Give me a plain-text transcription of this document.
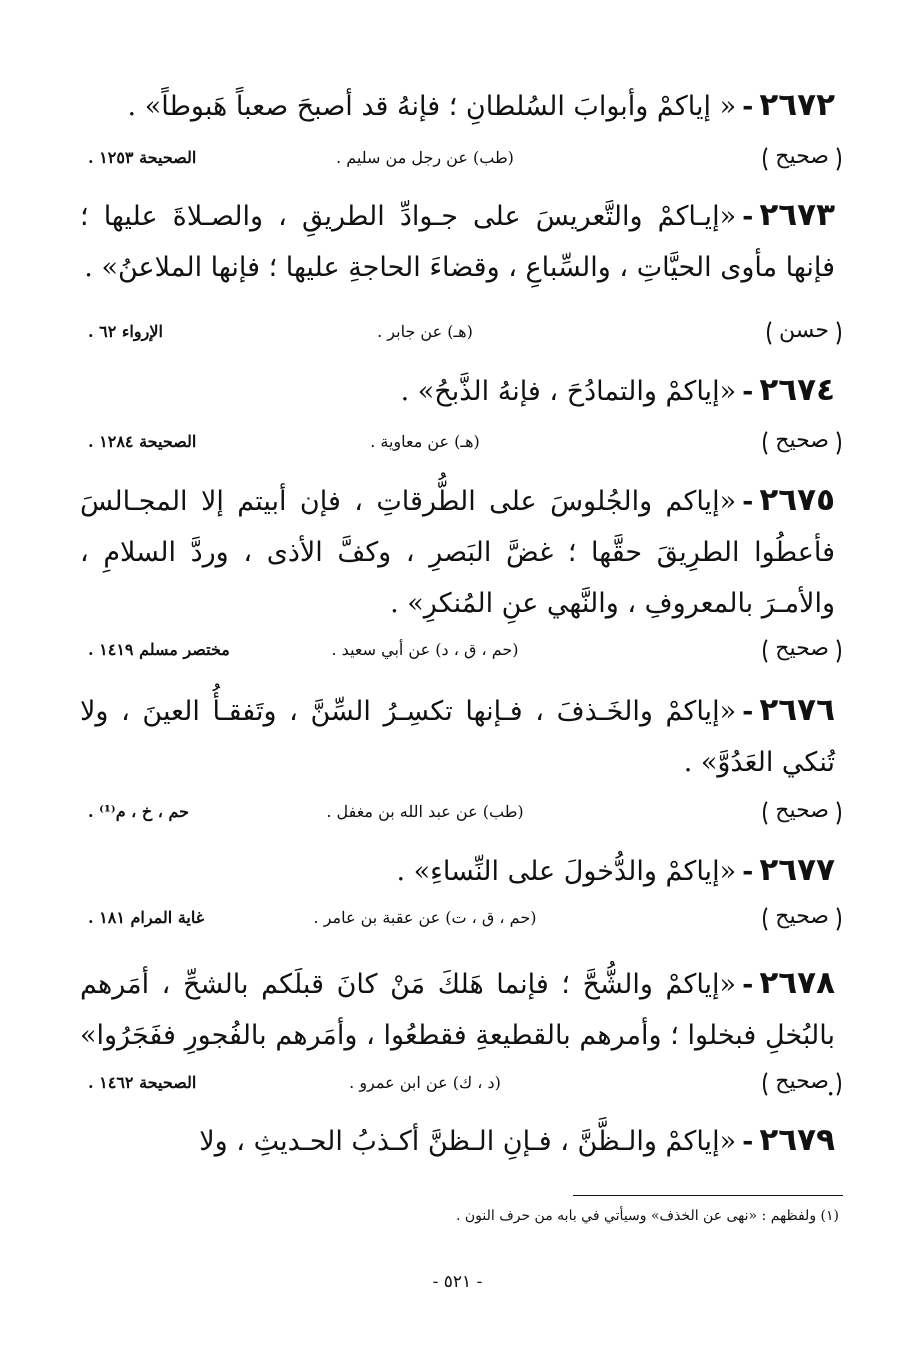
٢٦٧٢-« إياكمْ وأبوابَ السُلطانِ ؛ فإنهُ قد أصبحَ صعباً هَبوطاً» .
صحيح
(طب) عن رجل من سليم .
الصحيحة ١٢٥٣ .
٢٦٧٣-«إيـاكمْ والتَّعريسَ على جـوادِّ الطريقِ ، والصـلاةَ عليها ؛ فإنها مأوى الحيَّاتِ ، والسِّباعِ ، وقضاءَ الحاجةِ عليها ؛ فإنها الملاعنُ» .
حسن
(هـ) عن جابر .
الإرواء ٦٢ .
٢٦٧٤-«إياكمْ والتمادُحَ ، فإنهُ الذَّبحُ» .
صحيح
(هـ) عن معاوية .
الصحيحة ١٢٨٤ .
٢٦٧٥-«إياكم والجُلوسَ على الطُّرقاتِ ، فإن أبيتم إلا المجـالسَ فأعطُوا الطرِيقَ حقَّها ؛ غضَّ البَصرِ ، وكفَّ الأذى ، وردَّ السلامِ ، والأمـرَ بالمعروفِ ، والنَّهي عنِ المُنكرِ» .
صحيح
(حم ، ق ، د) عن أبي سعيد .
مختصر مسلم ١٤١٩ .
٢٦٧٦-«إياكمْ والخَـذفَ ، فـإنها تكسِـرُ السِّنَّ ، وتَفقـأُ العينَ ، ولا تُنكي العَدُوَّ» .
صحيح
(طب) عن عبد الله بن مغفل .
حم ، خ ، م⁽¹⁾ .
٢٦٧٧-«إياكمْ والدُّخولَ على النِّساءِ» .
صحيح
(حم ، ق ، ت) عن عقبة بن عامر .
غاية المرام ١٨١ .
٢٦٧٨-«إياكمْ والشُّحَّ ؛ فإنما هَلكَ مَنْ كانَ قبلَكم بالشحِّ ، أمَرهم بالبُخلِ فبخلوا ؛ وأمرهم بالقطيعةِ فقطعُوا ، وأمَرهم بالفُجورِ ففَجَرُوا» .
صحيح
(د ، ك) عن ابن عمرو .
الصحيحة ١٤٦٢ .
٢٦٧٩-«إياكمْ والـظَّنَّ ، فـإنِ الـظنَّ أكـذبُ الحـديثِ ، ولا
(١) ولفظهم : «نهى عن الخذف» وسيأتي في بابه من حرف النون .
- ٥٢١ -
